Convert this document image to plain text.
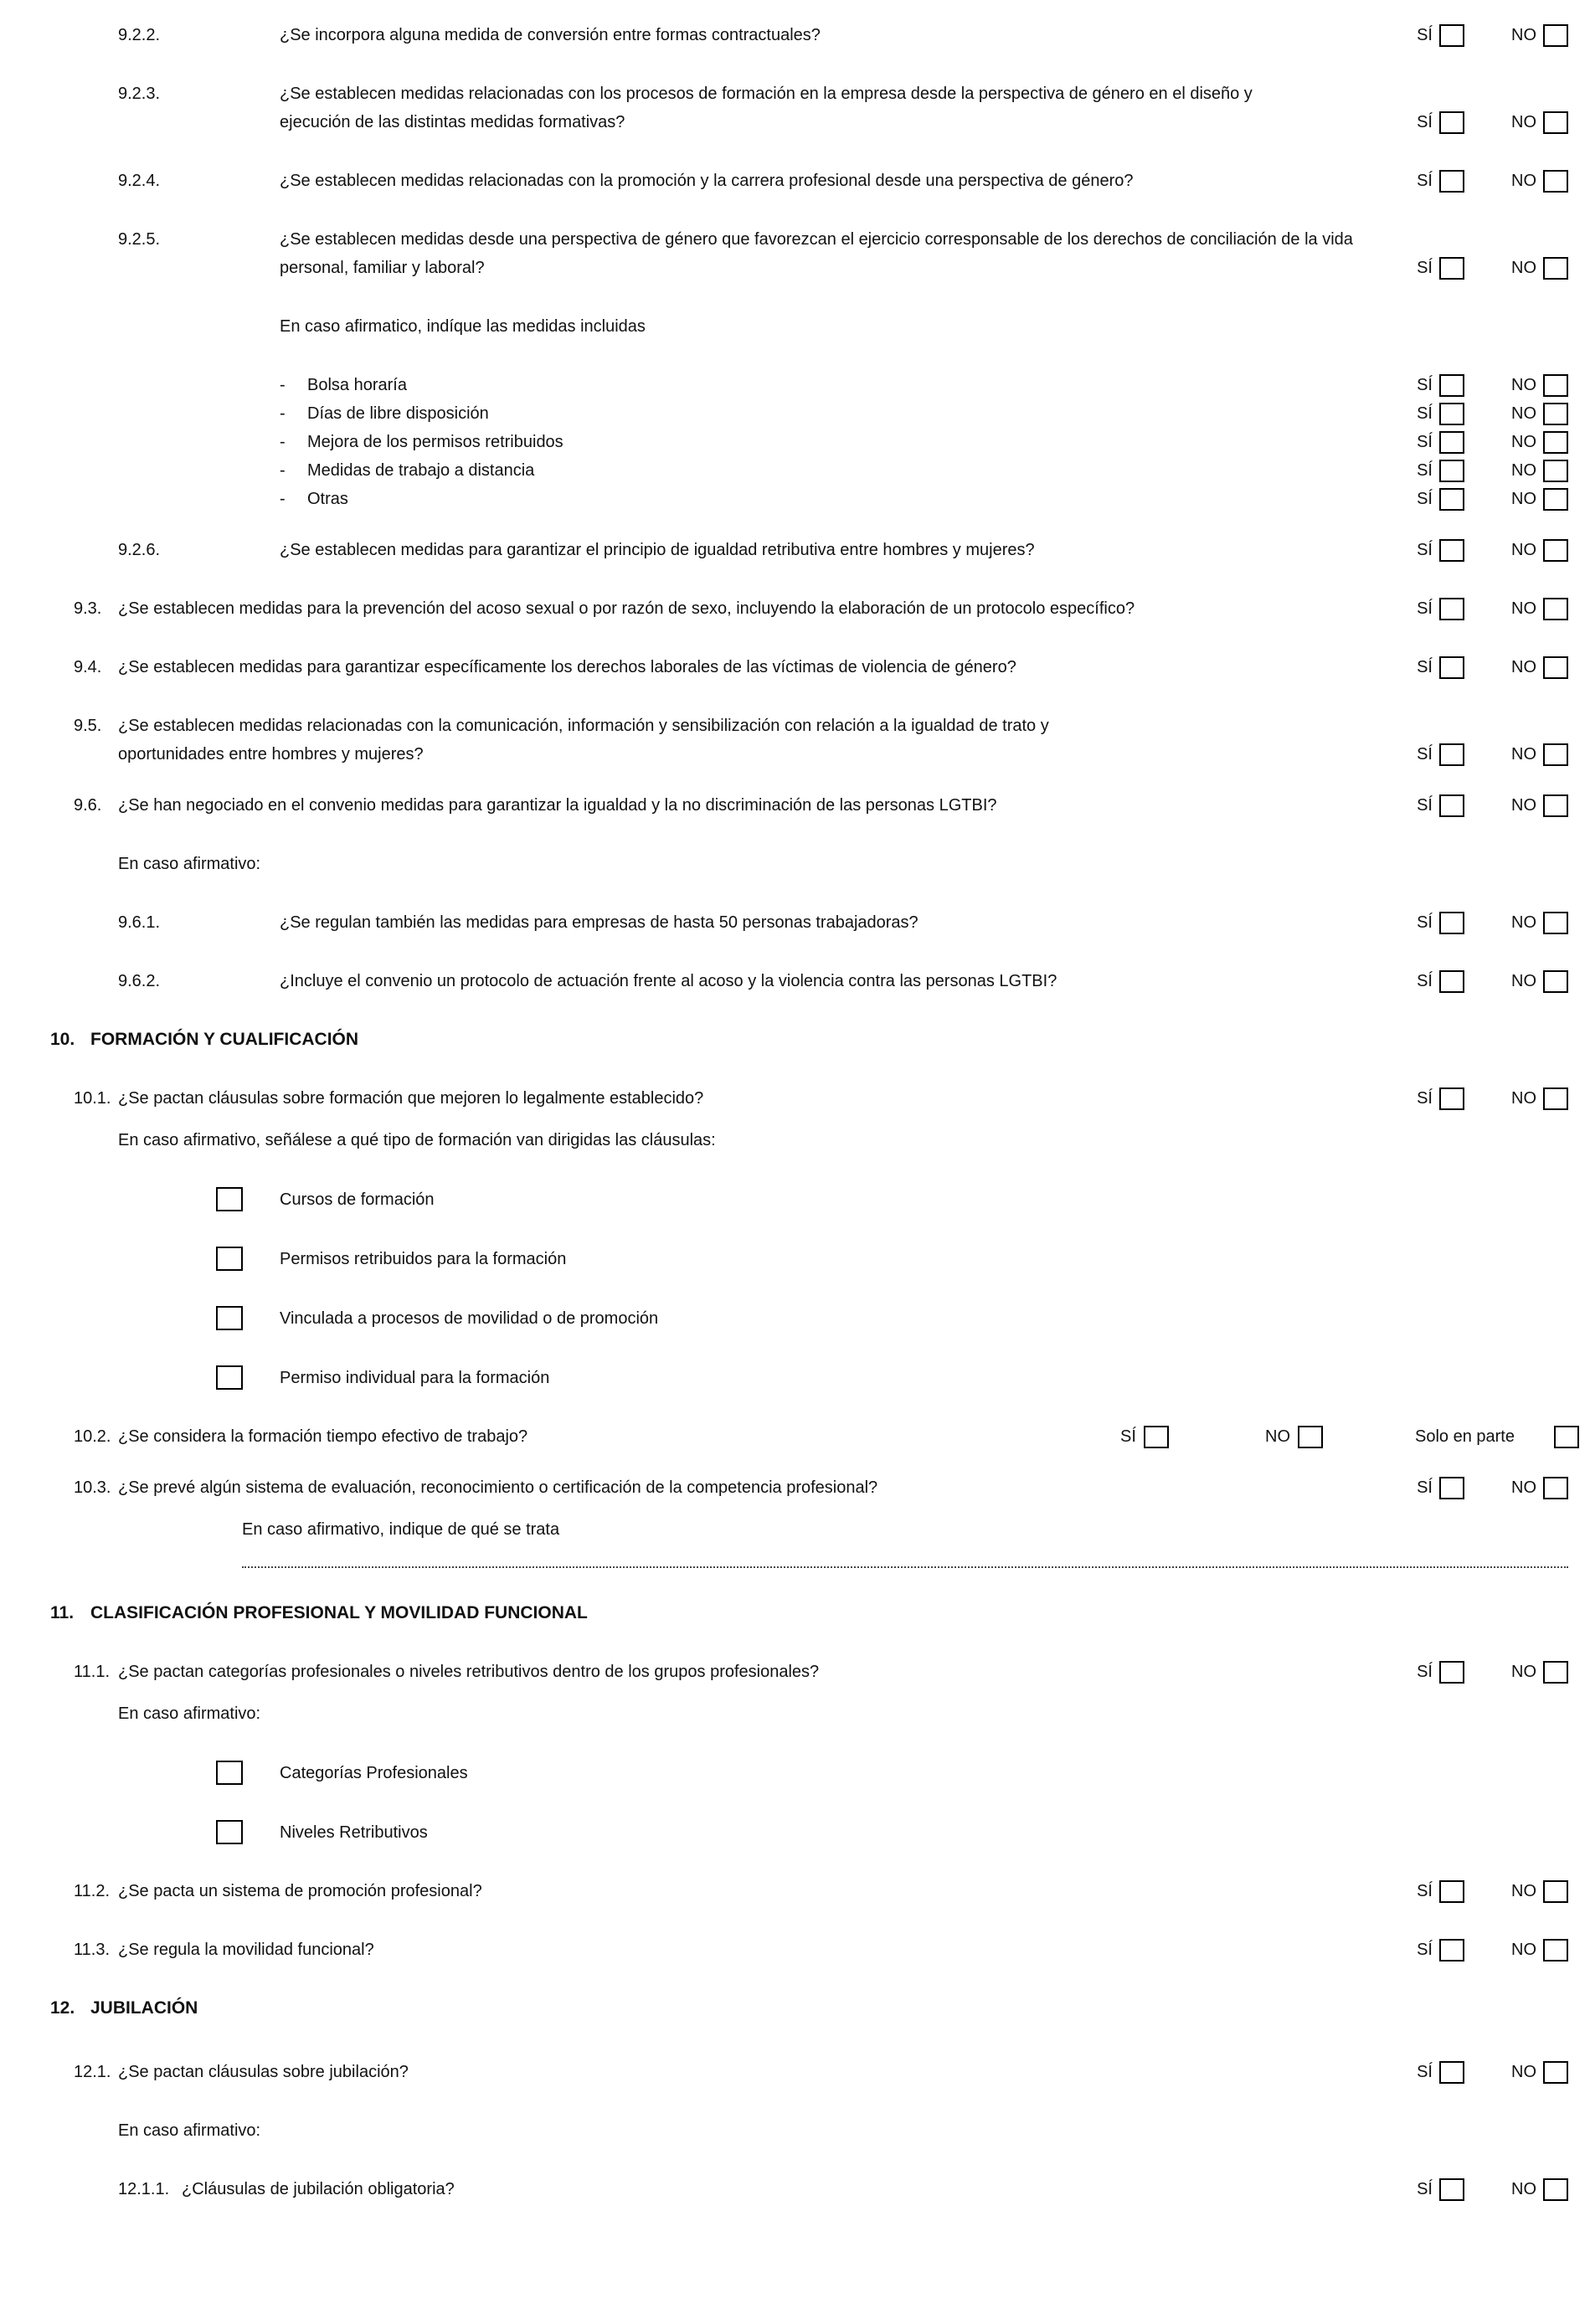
9.2.2.	¿Se incorpora alguna medida de conversión entre formas contractuales?	SÍ	NO
9.2.3.	¿Se establecen medidas relacionadas con los procesos de formación en la empresa desde la perspectiva de género en el diseño y
ejecución de las distintas medidas formativas?	SÍ	NO
9.2.4.	¿Se establecen medidas relacionadas con la promoción y la carrera profesional desde una perspectiva de género?	SÍ	NO
9.2.5.	¿Se establecen medidas desde una perspectiva de género que favorezcan el ejercicio corresponsable de los derechos de conciliación de la vida
personal, familiar y laboral?	SÍ	NO
En caso afirmatico, indíque las medidas incluidas
-	Bolsa horaría	SÍ	NO
-	Días de libre disposición	SÍ	NO
-	Mejora de los permisos retribuidos	SÍ	NO
-	Medidas de trabajo a distancia	SÍ	NO
-	Otras	SÍ	NO
9.2.6.	¿Se establecen medidas para garantizar el principio de igualdad retributiva entre hombres y mujeres?	SÍ	NO
9.3. ¿Se establecen medidas para la prevención del acoso sexual o por razón de sexo, incluyendo la elaboración de un protocolo específico?	SÍ	NO
9.4. ¿Se establecen medidas para garantizar específicamente los derechos laborales de las víctimas de violencia de género?	SÍ	NO
9.5. ¿Se establecen medidas relacionadas con la comunicación, información y sensibilización con relación a la igualdad de trato y
oportunidades entre hombres y mujeres?	SÍ	NO
9.6. ¿Se han negociado en el convenio medidas para garantizar la igualdad y la no discriminación de las personas LGTBI?	SÍ	NO
En caso afirmativo:
9.6.1.	¿Se regulan también las medidas para empresas de hasta 50 personas trabajadoras?	SÍ	NO
9.6.2.	¿Incluye el convenio un protocolo de actuación frente al acoso y la violencia contra las personas LGTBI?	SÍ	NO
10. FORMACIÓN Y CUALIFICACIÓN
10.1. ¿Se pactan cláusulas sobre formación que mejoren lo legalmente establecido?	SÍ	NO
En caso afirmativo, señálese a qué tipo de formación van dirigidas las cláusulas:
Cursos de formación
Permisos retribuidos para la formación
Vinculada a procesos de movilidad o de promoción
Permiso individual para la formación
10.2. ¿Se considera la formación tiempo efectivo de trabajo?	SÍ	NO	Solo en parte
10.3. ¿Se prevé algún sistema de evaluación, reconocimiento o certificación de la competencia profesional?	SÍ	NO
En caso afirmativo, indique de qué se trata
11. CLASIFICACIÓN PROFESIONAL Y MOVILIDAD FUNCIONAL
11.1. ¿Se pactan categorías profesionales o niveles retributivos dentro de los grupos profesionales?	SÍ	NO
En caso afirmativo:
Categorías Profesionales
Niveles Retributivos
11.2. ¿Se pacta un sistema de promoción profesional?	SÍ	NO
11.3. ¿Se regula la movilidad funcional?	SÍ	NO
12. JUBILACIÓN
12.1. ¿Se pactan cláusulas sobre jubilación?	SÍ	NO
En caso afirmativo:
12.1.1. ¿Cláusulas de jubilación obligatoria?	SÍ	NO
